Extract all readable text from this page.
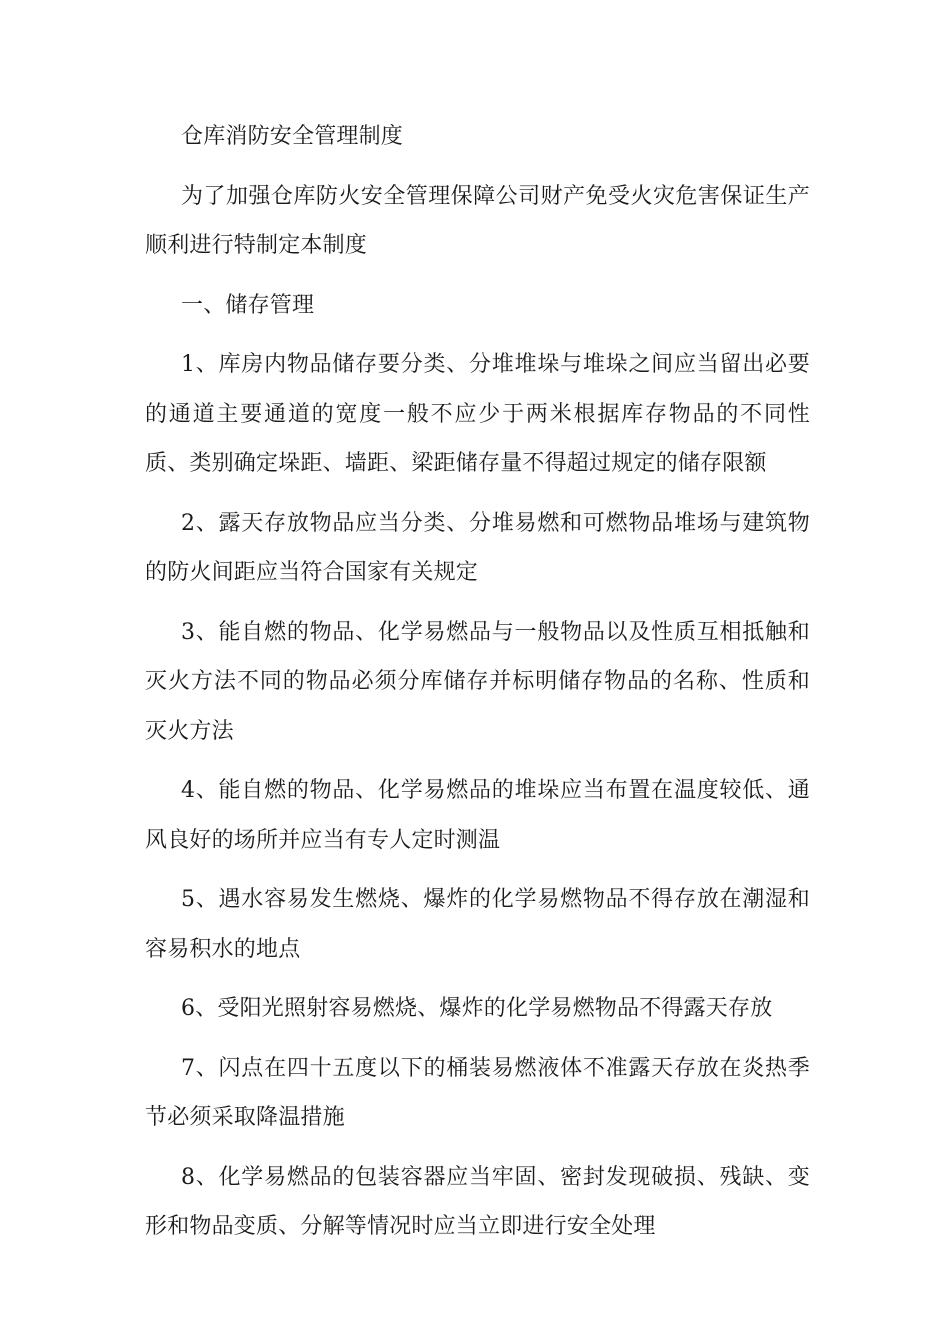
仓库消防安全管理制度

为了加强仓库防火安全管理保障公司财产免受火灾危害保证生产顺利进行特制定本制度

一、储存管理

1、库房内物品储存要分类、分堆堆垛与堆垛之间应当留出必要的通道主要通道的宽度一般不应少于两米根据库存物品的不同性质、类别确定垛距、墙距、梁距储存量不得超过规定的储存限额

2、露天存放物品应当分类、分堆易燃和可燃物品堆场与建筑物的防火间距应当符合国家有关规定

3、能自燃的物品、化学易燃品与一般物品以及性质互相抵触和灭火方法不同的物品必须分库储存并标明储存物品的名称、性质和灭火方法

4、能自燃的物品、化学易燃品的堆垛应当布置在温度较低、通风良好的场所并应当有专人定时测温

5、遇水容易发生燃烧、爆炸的化学易燃物品不得存放在潮湿和容易积水的地点

6、受阳光照射容易燃烧、爆炸的化学易燃物品不得露天存放

7、闪点在四十五度以下的桶装易燃液体不准露天存放在炎热季节必须采取降温措施

8、化学易燃品的包装容器应当牢固、密封发现破损、残缺、变形和物品变质、分解等情况时应当立即进行安全处理
